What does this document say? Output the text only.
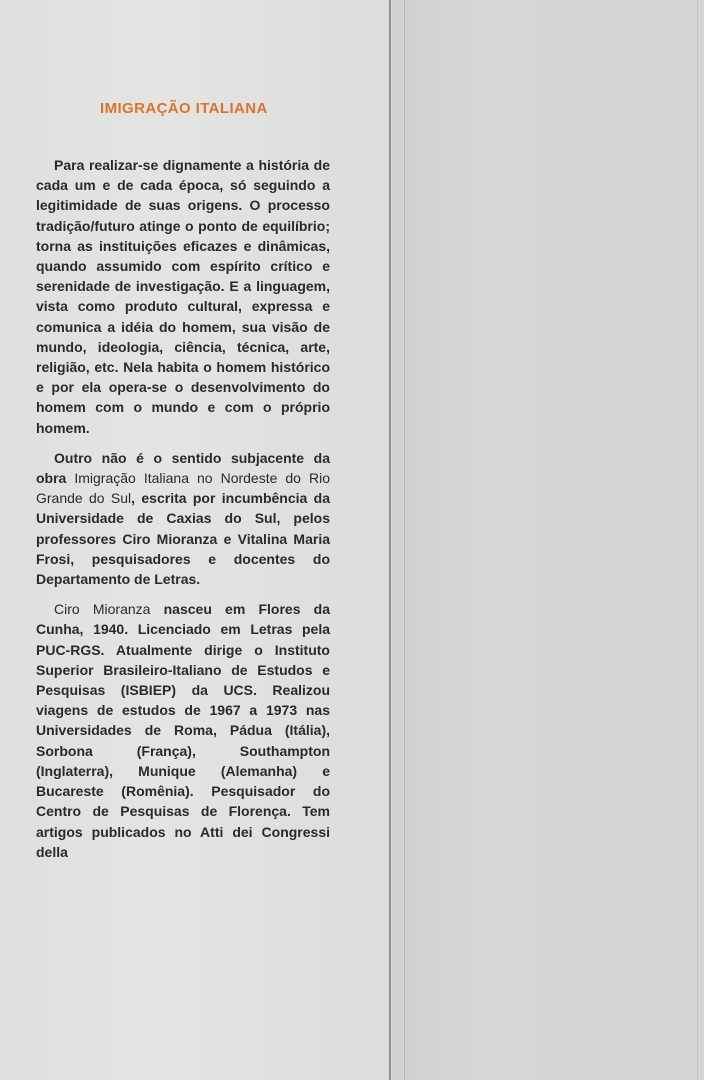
IMIGRAÇÃO ITALIANA

Para realizar-se dignamente a história de cada um e de cada época, só seguindo a legitimidade de suas origens. O processo tradição/futuro atinge o ponto de equilíbrio; torna as instituições eficazes e dinâmicas, quando assumido com espírito crítico e serenidade de investigação. E a linguagem, vista como produto cultural, expressa e comunica a idéia do homem, sua visão de mundo, ideologia, ciência, técnica, arte, religião, etc. Nela habita o homem histórico e por ela opera-se o desenvolvimento do homem com o mundo e com o próprio homem.

Outro não é o sentido subjacente da obra Imigração Italiana no Nordeste do Rio Grande do Sul, escrita por incumbência da Universidade de Caxias do Sul, pelos professores Ciro Mioranza e Vitalina Maria Frosi, pesquisadores e docentes do Departamento de Letras.

Ciro Mioranza nasceu em Flores da Cunha, 1940. Licenciado em Letras pela PUC-RGS. Atualmente dirige o Instituto Superior Brasileiro-Italiano de Estudos e Pesquisas (ISBIEP) da UCS. Realizou viagens de estudos de 1967 a 1973 nas Universidades de Roma, Pádua (Itália), Sorbona (França), Southampton (Inglaterra), Munique (Alemanha) e Bucareste (Romênia). Pesquisador do Centro de Pesquisas de Florença. Tem artigos publicados no Atti dei Congressi della
